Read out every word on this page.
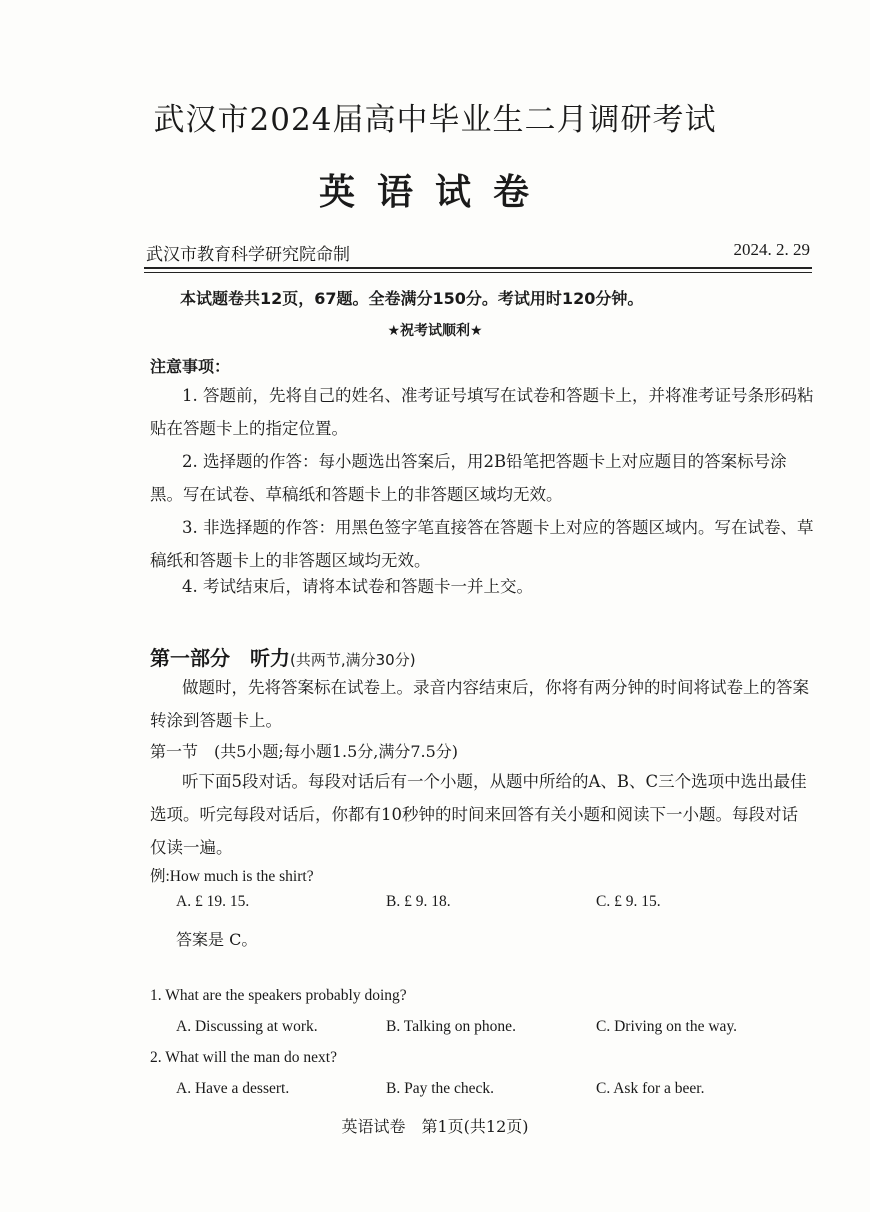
武汉市2024届高中毕业生二月调研考试
英语试卷
武汉市教育科学研究院命制	2024. 2. 29
本试题卷共12页，67题。全卷满分150分。考试用时120分钟。
★祝考试顺利★
注意事项：
1. 答题前，先将自己的姓名、准考证号填写在试卷和答题卡上，并将准考证号条形码粘贴在答题卡上的指定位置。
2. 选择题的作答：每小题选出答案后，用2B铅笔把答题卡上对应题目的答案标号涂黑。写在试卷、草稿纸和答题卡上的非答题区域均无效。
3. 非选择题的作答：用黑色签字笔直接答在答题卡上对应的答题区域内。写在试卷、草稿纸和答题卡上的非答题区域均无效。
4. 考试结束后，请将本试卷和答题卡一并上交。
第一部分　听力(共两节,满分30分)
做题时，先将答案标在试卷上。录音内容结束后，你将有两分钟的时间将试卷上的答案转涂到答题卡上。
第一节　(共5小题;每小题1.5分,满分7.5分)
听下面5段对话。每段对话后有一个小题，从题中所给的A、B、C三个选项中选出最佳选项。听完每段对话后，你都有10秒钟的时间来回答有关小题和阅读下一小题。每段对话仅读一遍。
例:How much is the shirt?
A. £ 19. 15.	B. £ 9. 18.	C. £ 9. 15.
答案是 C。
1. What are the speakers probably doing?
A. Discussing at work.	B. Talking on phone.	C. Driving on the way.
2. What will the man do next?
A. Have a dessert.	B. Pay the check.	C. Ask for a beer.
英语试卷　第1页(共12页)
